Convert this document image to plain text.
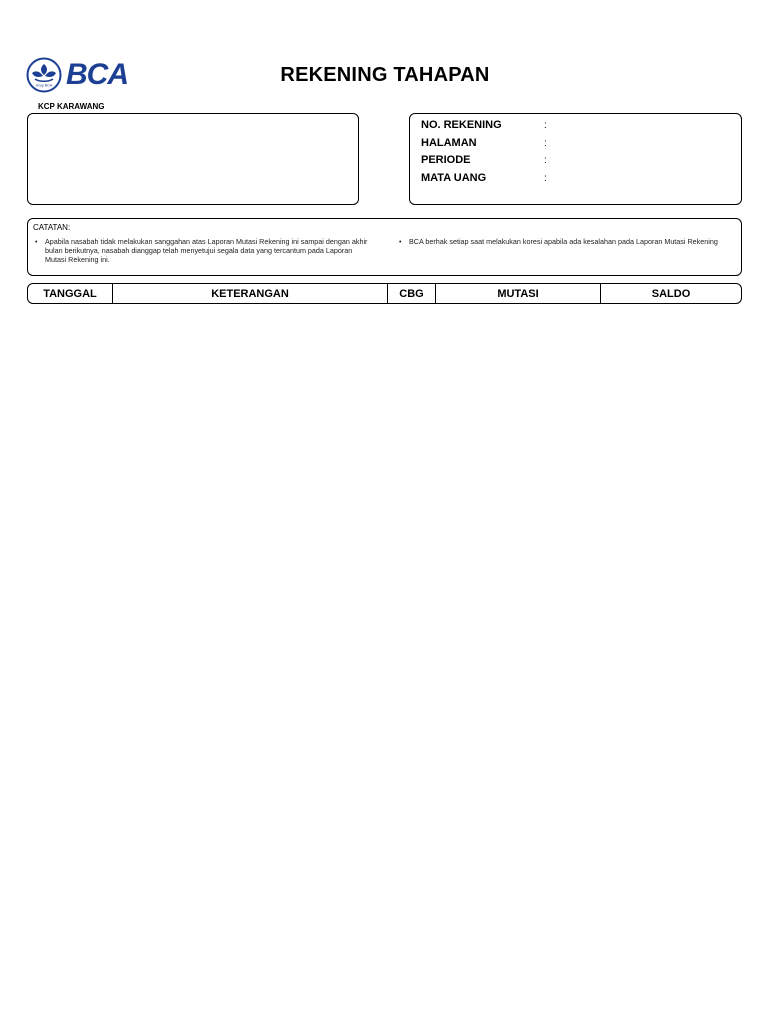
Grup BCA BCA	REKENING TAHAPAN
KCP KARAWANG
NO. REKENING	:
HALAMAN	:
PERIODE	:
MATA UANG	:
CATATAN:
• Apabila nasabah tidak melakukan sanggahan atas Laporan Mutasi Rekening ini sampai dengan akhir bulan berikutnya, nasabah dianggap telah menyetujui segala data yang tercantum pada Laporan Mutasi Rekening ini.
• BCA berhak setiap saat melakukan koresi apabila ada kesalahan pada Laporan Mutasi Rekening
TANGGAL	KETERANGAN	CBG	MUTASI	SALDO
